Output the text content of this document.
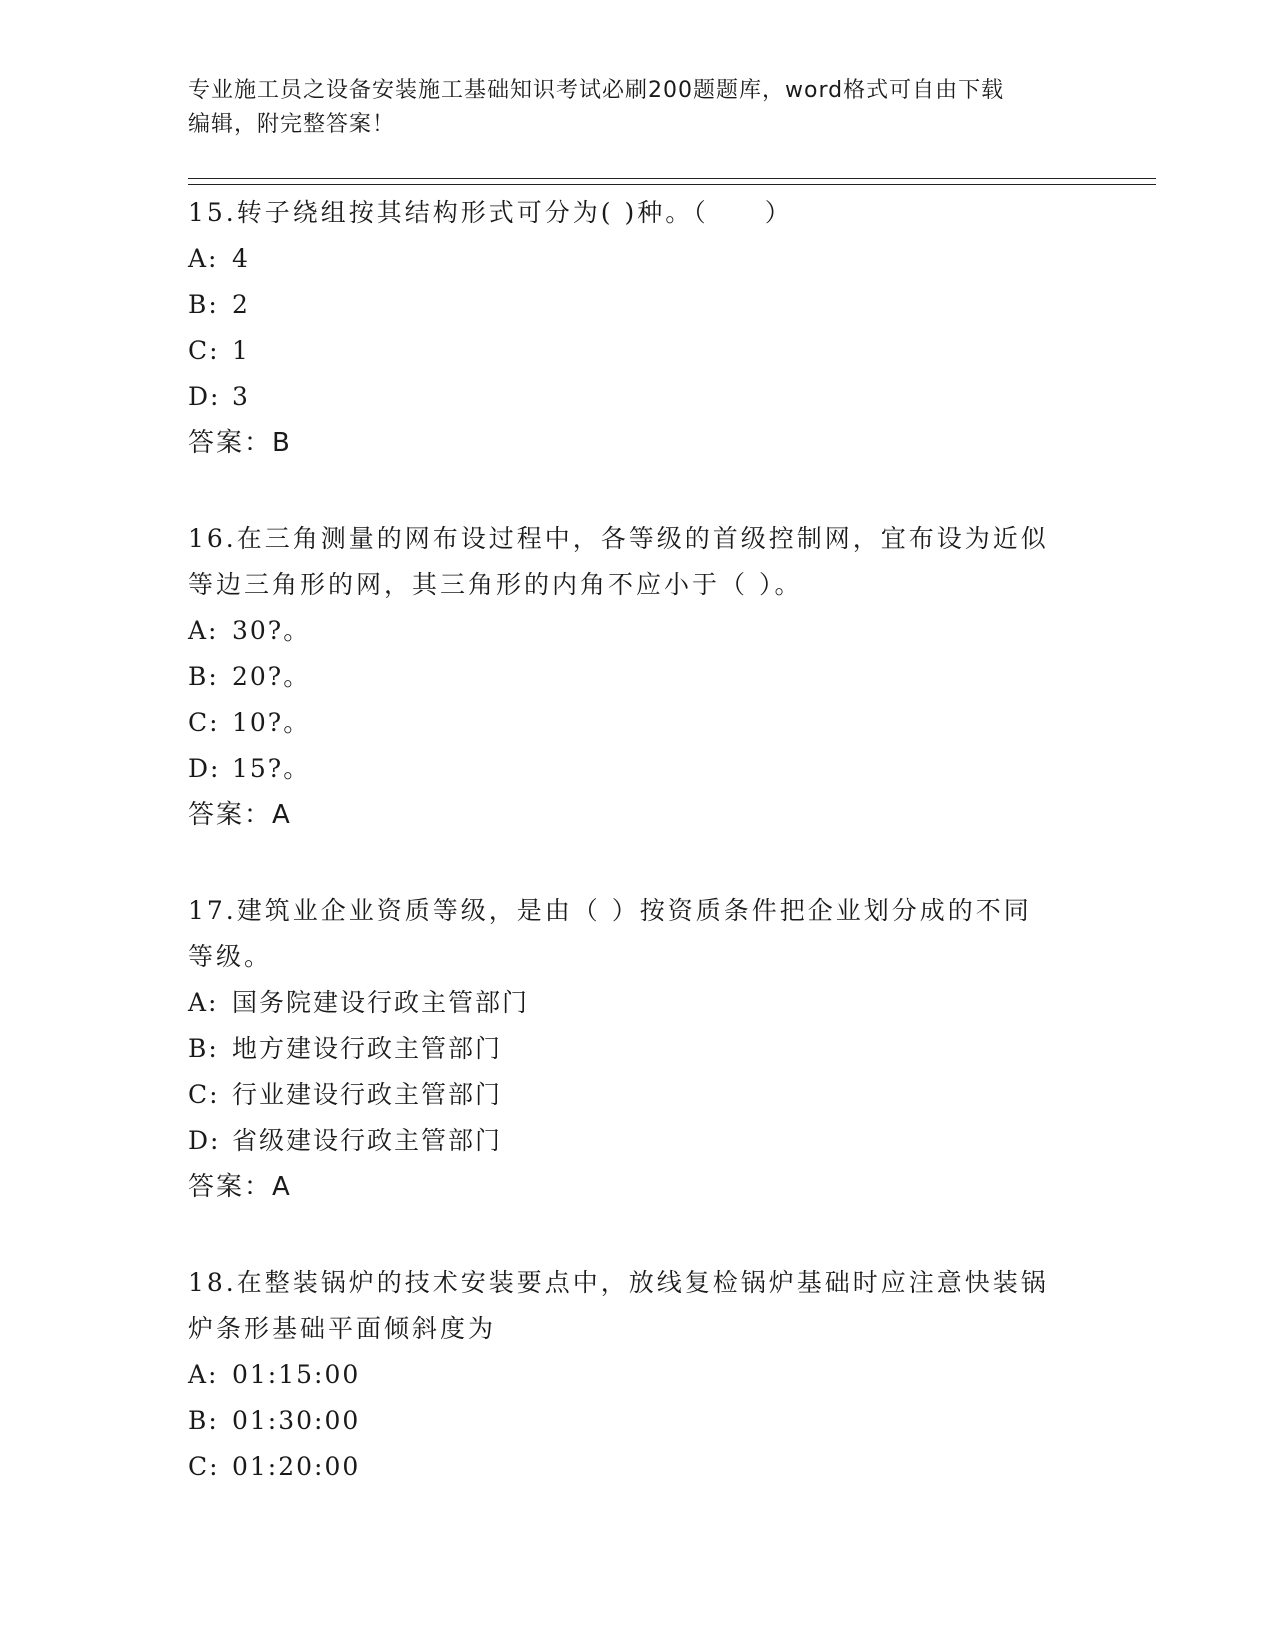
专业施工员之设备安装施工基础知识考试必刷200题题库，word格式可自由下载
编辑，附完整答案！
15.转子绕组按其结构形式可分为( )种。（　　）
A: 4
B: 2
C: 1
D: 3
答案：B
16.在三角测量的网布设过程中，各等级的首级控制网，宜布设为近似
等边三角形的网，其三角形的内角不应小于（ ）。
A: 30?。
B: 20?。
C: 10?。
D: 15?。
答案：A
17.建筑业企业资质等级，是由（ ）按资质条件把企业划分成的不同
等级。
A: 国务院建设行政主管部门
B: 地方建设行政主管部门
C: 行业建设行政主管部门
D: 省级建设行政主管部门
答案：A
18.在整装锅炉的技术安装要点中，放线复检锅炉基础时应注意快装锅
炉条形基础平面倾斜度为
A: 01:15:00
B: 01:30:00
C: 01:20:00
